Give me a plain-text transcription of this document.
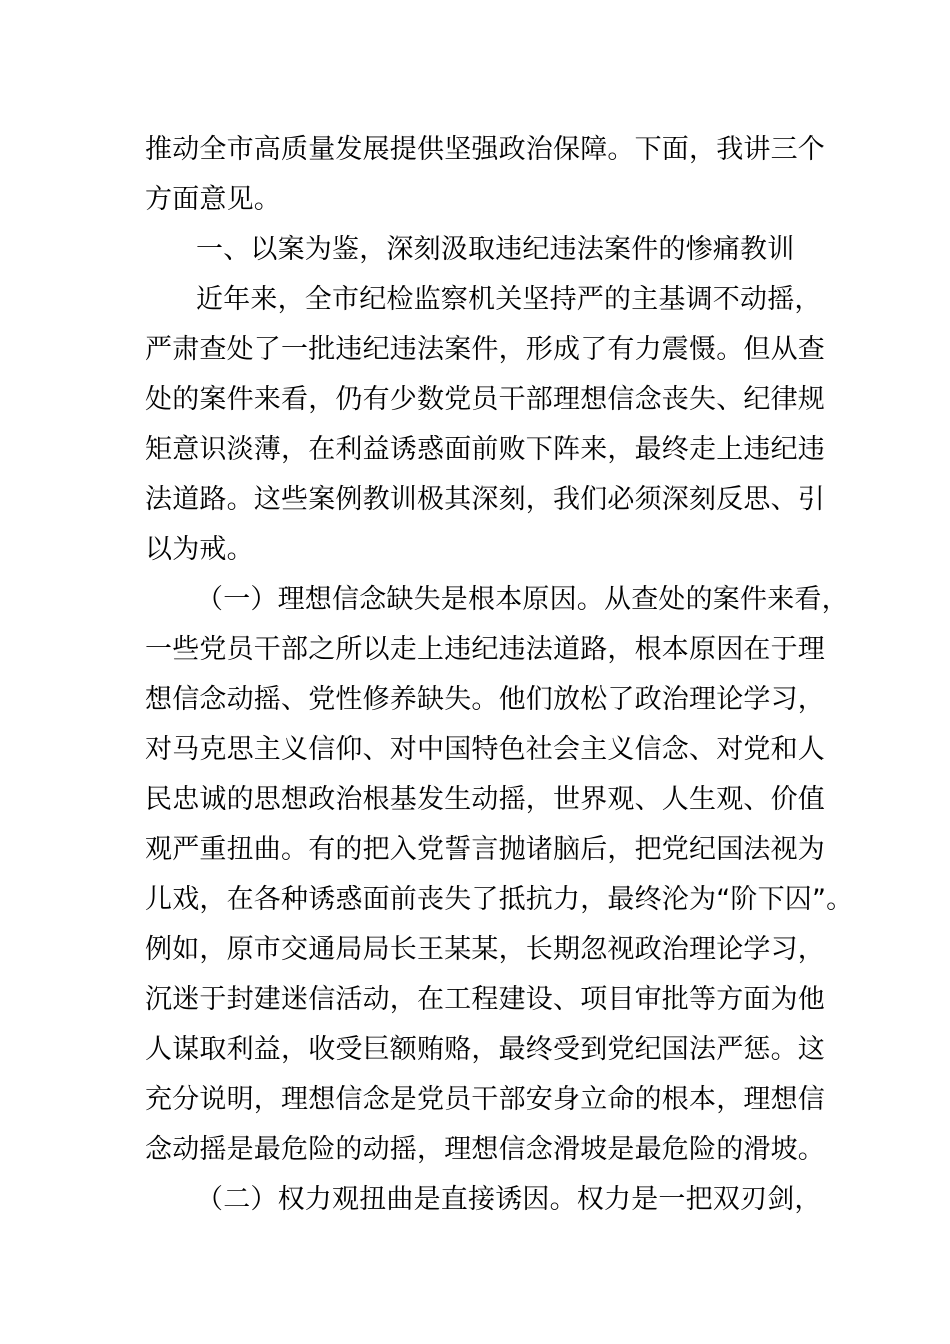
推动全市高质量发展提供坚强政治保障。下面，我讲三个
方面意见。
一、以案为鉴，深刻汲取违纪违法案件的惨痛教训
近年来，全市纪检监察机关坚持严的主基调不动摇，
严肃查处了一批违纪违法案件，形成了有力震慑。但从查
处的案件来看，仍有少数党员干部理想信念丧失、纪律规
矩意识淡薄，在利益诱惑面前败下阵来，最终走上违纪违
法道路。这些案例教训极其深刻，我们必须深刻反思、引
以为戒。
（一）理想信念缺失是根本原因。从查处的案件来看，
一些党员干部之所以走上违纪违法道路，根本原因在于理
想信念动摇、党性修养缺失。他们放松了政治理论学习，
对马克思主义信仰、对中国特色社会主义信念、对党和人
民忠诚的思想政治根基发生动摇，世界观、人生观、价值
观严重扭曲。有的把入党誓言抛诸脑后，把党纪国法视为
儿戏，在各种诱惑面前丧失了抵抗力，最终沦为“阶下囚”。
例如，原市交通局局长王某某，长期忽视政治理论学习，
沉迷于封建迷信活动，在工程建设、项目审批等方面为他
人谋取利益，收受巨额贿赂，最终受到党纪国法严惩。这
充分说明，理想信念是党员干部安身立命的根本，理想信
念动摇是最危险的动摇，理想信念滑坡是最危险的滑坡。
（二）权力观扭曲是直接诱因。权力是一把双刃剑，
